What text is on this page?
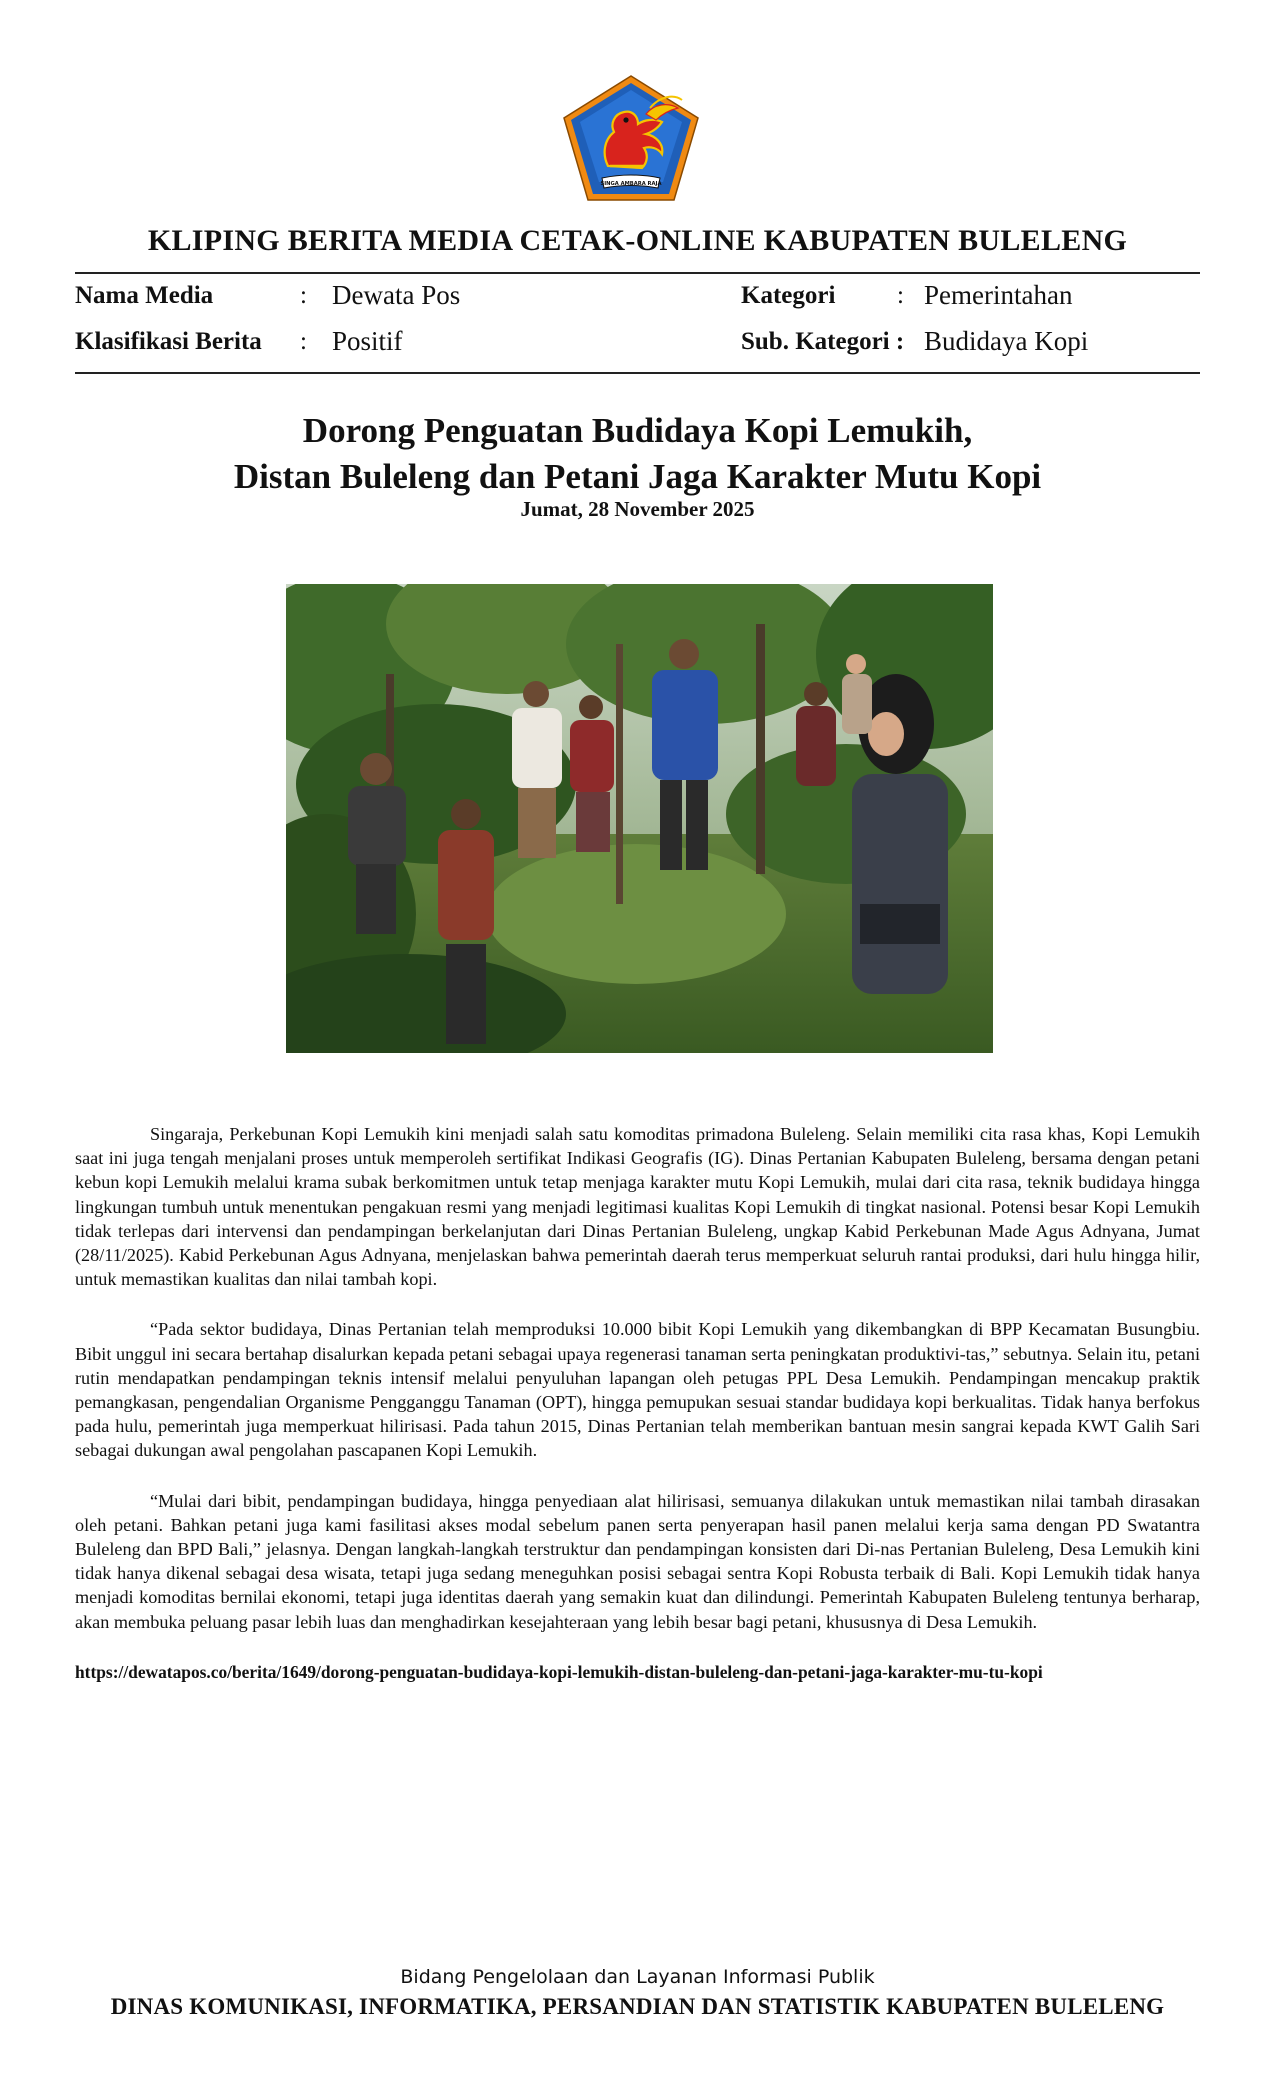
SINGA AMBARA RAJA
KLIPING BERITA MEDIA CETAK-ONLINE KABUPATEN BULELENG
Nama Media	: Dewata Pos	Kategori : Pemerintahan
Klasifikasi Berita : Positif	Sub. Kategori : Budidaya Kopi
Dorong Penguatan Budidaya Kopi Lemukih,
Distan Buleleng dan Petani Jaga Karakter Mutu Kopi
Jumat, 28 November 2025

Singaraja, Perkebunan Kopi Lemukih kini menjadi salah satu komoditas primadona Buleleng. Selain memiliki cita rasa khas, Kopi Lemukih saat ini juga tengah menjalani proses untuk memperoleh sertifikat Indikasi Geografis (IG). Dinas Pertanian Kabupaten Buleleng, bersama dengan petani kebun kopi Lemukih melalui krama subak berkomitmen untuk tetap menjaga karakter mutu Kopi Lemukih, mulai dari cita rasa, teknik budidaya hingga lingkungan tumbuh untuk menentukan pengakuan resmi yang menjadi legitimasi kualitas Kopi Lemukih di tingkat nasional. Potensi besar Kopi Lemukih tidak terlepas dari intervensi dan pendampingan berkelanjutan dari Dinas Pertanian Buleleng, ungkap Kabid Perkebunan Made Agus Adnyana, Jumat (28/11/2025). Kabid Perkebunan Agus Adnyana, menjelaskan bahwa pemerintah daerah terus memperkuat seluruh rantai produksi, dari hulu hingga hilir, untuk memastikan kualitas dan nilai tambah kopi.

“Pada sektor budidaya, Dinas Pertanian telah memproduksi 10.000 bibit Kopi Lemukih yang dikembangkan di BPP Kecamatan Busungbiu. Bibit unggul ini secara bertahap disalurkan kepada petani sebagai upaya regenerasi tanaman serta peningkatan produktivi-tas,” sebutnya. Selain itu, petani rutin mendapatkan pendampingan teknis intensif melalui penyuluhan lapangan oleh petugas PPL Desa Lemukih. Pendampingan mencakup praktik pemangkasan, pengendalian Organisme Pengganggu Tanaman (OPT), hingga pemupukan sesuai standar budidaya kopi berkualitas. Tidak hanya berfokus pada hulu, pemerintah juga memperkuat hilirisasi. Pada tahun 2015, Dinas Pertanian telah memberikan bantuan mesin sangrai kepada KWT Galih Sari sebagai dukungan awal pengolahan pascapanen Kopi Lemukih.

“Mulai dari bibit, pendampingan budidaya, hingga penyediaan alat hilirisasi, semuanya dilakukan untuk memastikan nilai tambah dirasakan oleh petani. Bahkan petani juga kami fasilitasi akses modal sebelum panen serta penyerapan hasil panen melalui kerja sama dengan PD Swatantra Buleleng dan BPD Bali,” jelasnya. Dengan langkah-langkah terstruktur dan pendampingan konsisten dari Di-nas Pertanian Buleleng, Desa Lemukih kini tidak hanya dikenal sebagai desa wisata, tetapi juga sedang meneguhkan posisi sebagai sentra Kopi Robusta terbaik di Bali. Kopi Lemukih tidak hanya menjadi komoditas bernilai ekonomi, tetapi juga identitas daerah yang semakin kuat dan dilindungi. Pemerintah Kabupaten Buleleng tentunya berharap, akan membuka peluang pasar lebih luas dan menghadirkan kesejahteraan yang lebih besar bagi petani, khususnya di Desa Lemukih.

https://dewatapos.co/berita/1649/dorong-penguatan-budidaya-kopi-lemukih-distan-buleleng-dan-petani-jaga-karakter-mu-tu-kopi
Bidang Pengelolaan dan Layanan Informasi Publik
DINAS KOMUNIKASI, INFORMATIKA, PERSANDIAN DAN STATISTIK KABUPATEN BULELENG
